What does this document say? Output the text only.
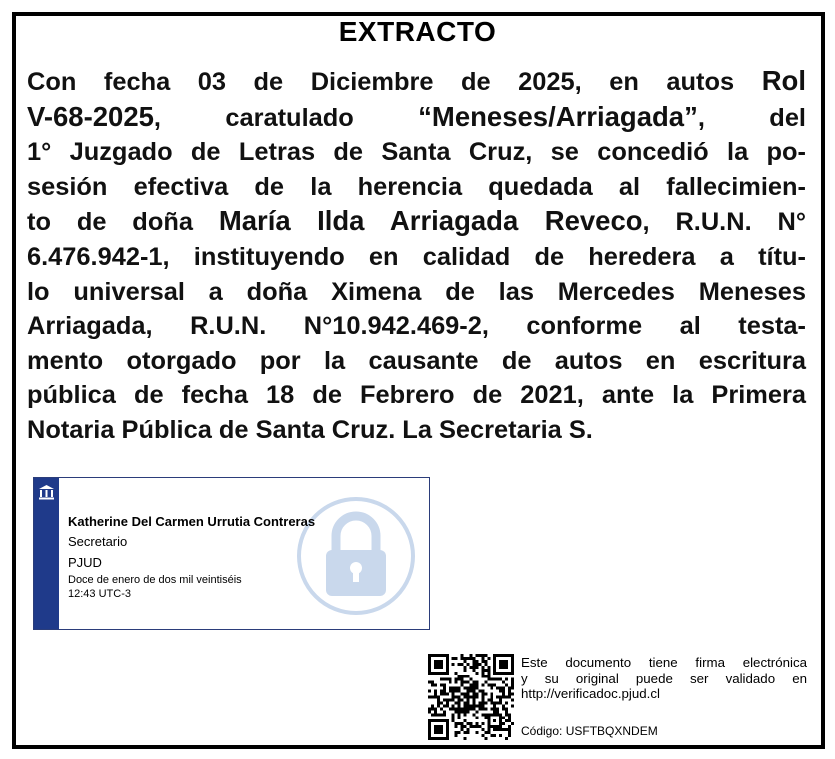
EXTRACTO
Con fecha 03 de Diciembre de 2025, en autos Rol
V-68-2025, caratulado “Meneses/Arriagada”, del
1° Juzgado de Letras de Santa Cruz, se concedió la po-
sesión efectiva de la herencia quedada al fallecimien-
to de doña María Ilda Arriagada Reveco, R.U.N. N°
6.476.942-1, instituyendo en calidad de heredera a títu-
lo universal a doña Ximena de las Mercedes Meneses
Arriagada, R.U.N. N°10.942.469-2, conforme al testa-
mento otorgado por la causante de autos en escritura
pública de fecha 18 de Febrero de 2021, ante la Primera
Notaria Pública de Santa Cruz. La Secretaria S.
Katherine Del Carmen Urrutia Contreras
Secretario
PJUD
Doce de enero de dos mil veintiséis
12:43 UTC-3
Este documento tiene firma electrónica
y su original puede ser validado en
http://verificadoc.pjud.cl
Código: USFTBQXNDEM
